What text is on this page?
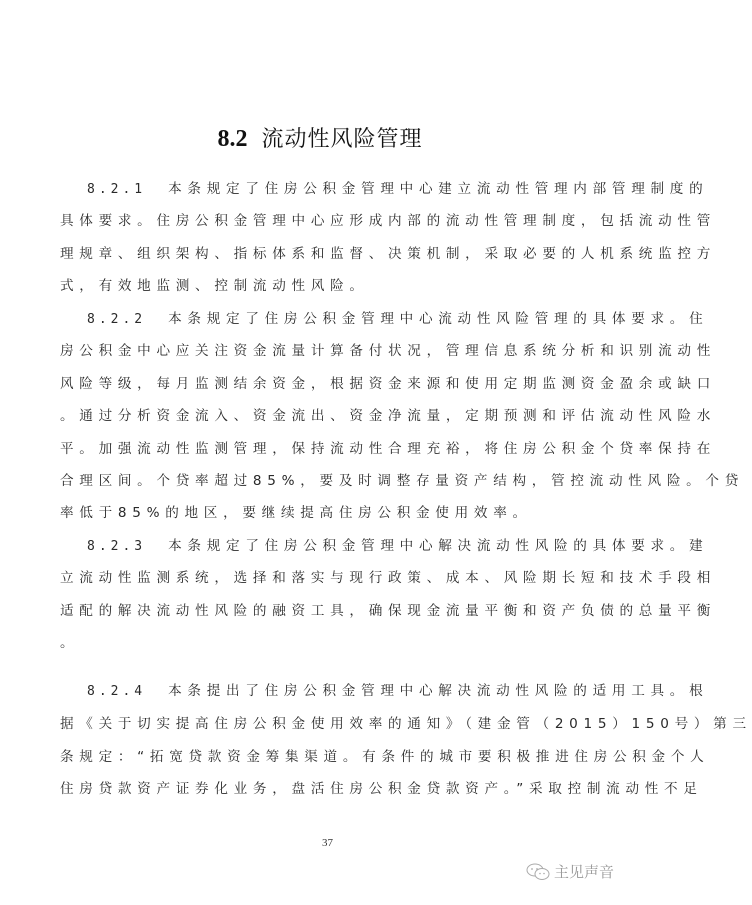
8.2 流动性风险管理
8.2.1 本条规定了住房公积金管理中心建立流动性管理内部管理制度的
具体要求。住房公积金管理中心应形成内部的流动性管理制度，包括流动性管
理规章、组织架构、指标体系和监督、决策机制，采取必要的人机系统监控方
式，有效地监测、控制流动性风险。
8.2.2 本条规定了住房公积金管理中心流动性风险管理的具体要求。住
房公积金中心应关注资金流量计算备付状况，管理信息系统分析和识别流动性
风险等级，每月监测结余资金，根据资金来源和使用定期监测资金盈余或缺口
。通过分析资金流入、资金流出、资金净流量，定期预测和评估流动性风险水
平。加强流动性监测管理，保持流动性合理充裕，将住房公积金个贷率保持在
合理区间。个贷率超过85%，要及时调整存量资产结构，管控流动性风险。个贷
率低于85%的地区，要继续提高住房公积金使用效率。
8.2.3 本条规定了住房公积金管理中心解决流动性风险的具体要求。建
立流动性监测系统，选择和落实与现行政策、成本、风险期长短和技术手段相
适配的解决流动性风险的融资工具，确保现金流量平衡和资产负债的总量平衡
。
8.2.4 本条提出了住房公积金管理中心解决流动性风险的适用工具。根
据《关于切实提高住房公积金使用效率的通知》（建金管（2015）150号）第三
条规定：“拓宽贷款资金筹集渠道。有条件的城市要积极推进住房公积金个人
住房贷款资产证券化业务，盘活住房公积金贷款资产。”采取控制流动性不足
37
主见声音
